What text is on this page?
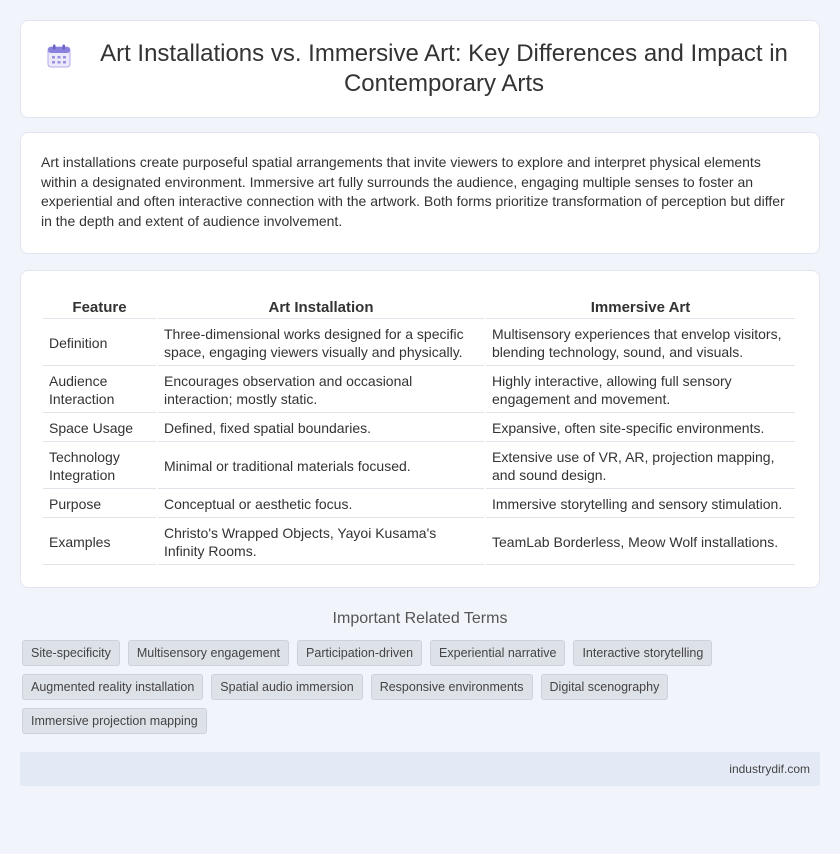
Art Installations vs. Immersive Art: Key Differences and Impact in Contemporary Arts

Art installations create purposeful spatial arrangements that invite viewers to explore and interpret physical elements within a designated environment. Immersive art fully surrounds the audience, engaging multiple senses to foster an experiential and often interactive connection with the artwork. Both forms prioritize transformation of perception but differ in the depth and extent of audience involvement.

Feature	Art Installation	Immersive Art
Definition	Three-dimensional works designed for a specific space, engaging viewers visually and physically.	Multisensory experiences that envelop visitors, blending technology, sound, and visuals.
Audience Interaction	Encourages observation and occasional interaction; mostly static.	Highly interactive, allowing full sensory engagement and movement.
Space Usage	Defined, fixed spatial boundaries.	Expansive, often site-specific environments.
Technology Integration	Minimal or traditional materials focused.	Extensive use of VR, AR, projection mapping, and sound design.
Purpose	Conceptual or aesthetic focus.	Immersive storytelling and sensory stimulation.
Examples	Christo's Wrapped Objects, Yayoi Kusama's Infinity Rooms.	TeamLab Borderless, Meow Wolf installations.
Important Related Terms
Site-specificity	Multisensory engagement	Participation-driven	Experiential narrative	Interactive storytelling
Augmented reality installation	Spatial audio immersion	Responsive environments	Digital scenography
Immersive projection mapping
industrydif.com
